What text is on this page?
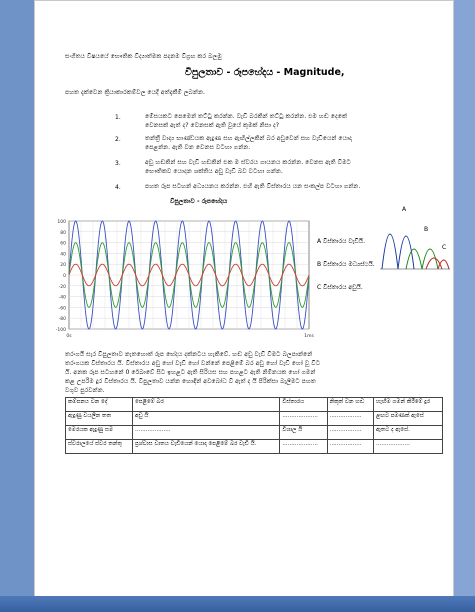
සංගීතය විෂයයේ භෞතික විද්‍යාත්මක පදනම විග්‍රහ කර බලමු
විපුලතාව - රූපභේදය - Magnitude,
පහත දැක්වෙන ක්‍රියාකාරකම්වල යෙදී අත්දැකීම් ලබන්න.
1.	මේසයකට පෙමෙන් තට්ටු කරන්න. වැඩි බරකින් තට්ටු කරන්න. එම හඬ දෙකේ
වෙනසක් ඇත් ද? වෙනසක් ඇති වූයේ කුමක් නිසා ද?
2.	තන්ත්‍රී වාද්‍ය භාණ්ඩයක ඇදුණ සහ ඇඟිල්ලකින් බර අඩුවෙන් සහ වැඩියෙන් යොදා
පෙළන්න. ඇති වන වෙනස වටහා ගන්න.
3.	අඩු හඬකින් සහ වැඩි හඬකින් එක ම ස්වරය ගායනය කරන්න. වෙනස ඇති වීමට
භෞතිකව යොදන ශක්තිය අඩු වැඩි බව වටහා ගන්න.
4.	පහත රූප සටහන් අධ්‍යයනය කරන්න. එහි ඇති විස්තාරය යන සංකල්ප වටහා ගන්න.
විපුලතාව - රූපභේදය
100
80
60
40
20
0
-20
-40
-60
-80
-100
0s	1ms
A විස්තාරය වැඩියි.
B විස්තාරය මධ්‍යස්ථයි.
C විස්තාරය අඩුයි.
A
B
C
තරංගයි සැර විපුලතාව නැතහොත් රූප භේදය දක්නටය හැකිවේ. හඬ අඩු වැඩි වීමට බලපාන්නේ
තරංගයක විස්තාරය යි. විස්තාරය අඩු හෝ වැඩි හෝ වන්නේ පෙළීමේ බර අඩු හෝ වැඩි හෝ වූ විට
යි. අනක රූප සටහනේ 0 රේඛාවේ සිට ඉහළට ඇති සිරියස සහ පහළට ඇති නිම්නයක හෝ ගමන්
කළ උපරිම දුර විස්තාරය යි. විපුලතාව යන්න හොඳින් අවබෝධ වී ඇත් ද යි පිරික්සා බැලීමට පහත
වගුව පුරවන්න.
කම්පනය වන දේ	පෙළීමේ බර	විස්තාරය	නිකුත් වන හඬ	හැඟීම ගමන් කිරීමේ දුර
ඇදුණු වයලීන තත	අඩු යි	....................	..................	ළඟට පමණක් ඇසේ
මෙරයක ඇදුණු සම	....................	විශාල යි	..................	ඈතට ද ඇසේ.
ස්වරාලයේ ස්වර තන්තු	ප්‍රශ්වාස වාතය වැඩියෙන් යොදා පෙළීමේ බර වැඩි යි.	....................	..................	...................
